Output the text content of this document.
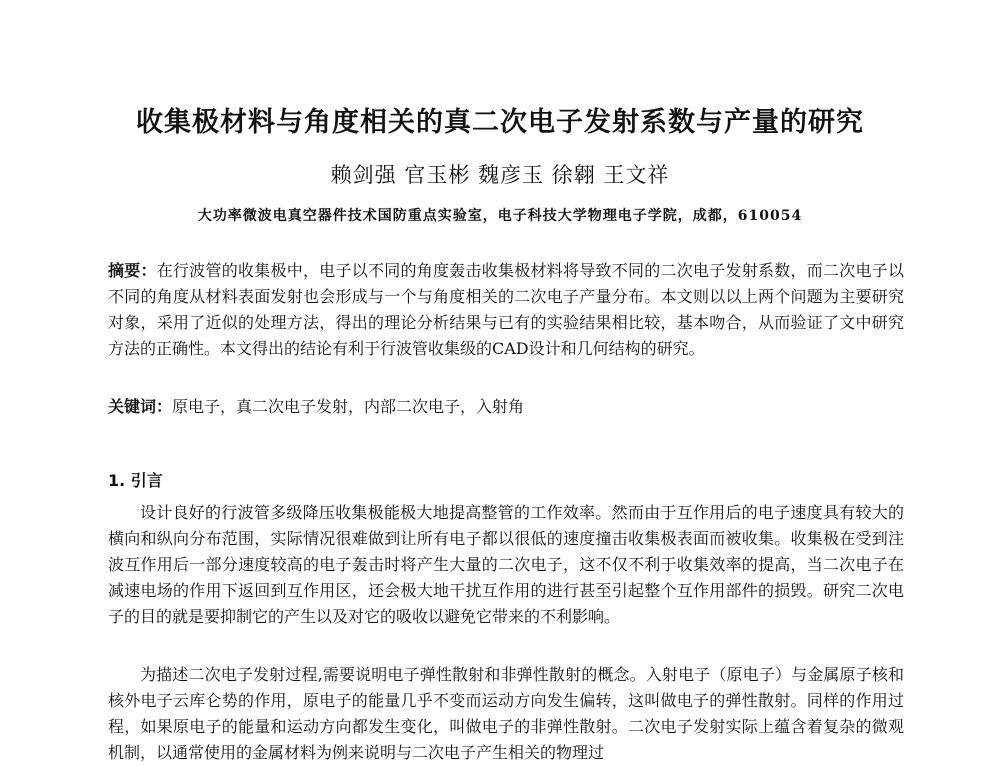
收集极材料与角度相关的真二次电子发射系数与产量的研究

赖剑强 官玉彬 魏彦玉 徐翱 王文祥

大功率微波电真空器件技术国防重点实验室，电子科技大学物理电子学院，成都，610054

摘要：在行波管的收集极中，电子以不同的角度轰击收集极材料将导致不同的二次电子发射系数，而二次电子以不同的角度从材料表面发射也会形成与一个与角度相关的二次电子产量分布。本文则以以上两个问题为主要研究对象，采用了近似的处理方法，得出的理论分析结果与已有的实验结果相比较，基本吻合，从而验证了文中研究方法的正确性。本文得出的结论有利于行波管收集级的CAD设计和几何结构的研究。

关键词：原电子，真二次电子发射，内部二次电子，入射角

1. 引言

设计良好的行波管多级降压收集极能极大地提高整管的工作效率。然而由于互作用后的电子速度具有较大的横向和纵向分布范围，实际情况很难做到让所有电子都以很低的速度撞击收集极表面而被收集。收集极在受到注波互作用后一部分速度较高的电子轰击时将产生大量的二次电子，这不仅不利于收集效率的提高，当二次电子在减速电场的作用下返回到互作用区，还会极大地干扰互作用的进行甚至引起整个互作用部件的损毁。研究二次电子的目的就是要抑制它的产生以及对它的吸收以避免它带来的不利影响。

为描述二次电子发射过程,需要说明电子弹性散射和非弹性散射的概念。入射电子（原电子）与金属原子核和核外电子云库仑势的作用，原电子的能量几乎不变而运动方向发生偏转，这叫做电子的弹性散射。同样的作用过程，如果原电子的能量和运动方向都发生变化，叫做电子的非弹性散射。二次电子发射实际上蕴含着复杂的微观机制，以通常使用的金属材料为例来说明与二次电子产生相关的物理过
